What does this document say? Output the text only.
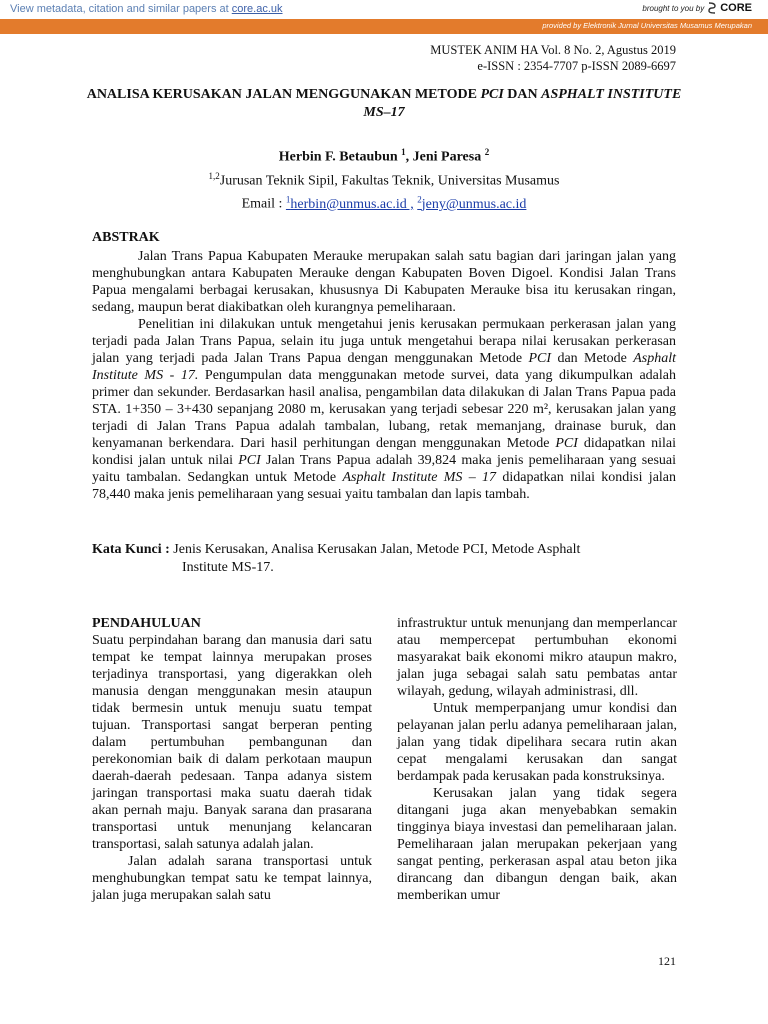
View metadata, citation and similar papers at core.ac.uk	brought to you by CORE
provided by Elektronik Jurnal Universitas Musamus Merupakan
MUSTEK ANIM HA Vol. 8 No. 2, Agustus 2019
e-ISSN : 2354-7707 p-ISSN 2089-6697
ANALISA KERUSAKAN JALAN MENGGUNAKAN METODE PCI DAN ASPHALT INSTITUTE MS–17
Herbin F. Betaubun $^1$, Jeni Paresa $^2$
$^{1,2}$Jurusan Teknik Sipil, Fakultas Teknik, Universitas Musamus
Email : $^1$herbin@unmus.ac.id , $^2$jeny@unmus.ac.id
ABSTRAK

Jalan Trans Papua Kabupaten Merauke merupakan salah satu bagian dari jaringan jalan yang menghubungkan antara Kabupaten Merauke dengan Kabupaten Boven Digoel. Kondisi Jalan Trans Papua mengalami berbagai kerusakan, khususnya Di Kabupaten Merauke bisa itu kerusakan ringan, sedang, maupun berat diakibatkan oleh kurangnya pemeliharaan.

Penelitian ini dilakukan untuk mengetahui jenis kerusakan permukaan perkerasan jalan yang terjadi pada Jalan Trans Papua, selain itu juga untuk mengetahui berapa nilai kerusakan perkerasan jalan yang terjadi pada Jalan Trans Papua dengan menggunakan Metode PCI dan Metode Asphalt Institute MS - 17. Pengumpulan data menggunakan metode survei, data yang dikumpulkan adalah primer dan sekunder. Berdasarkan hasil analisa, pengambilan data dilakukan di Jalan Trans Papua pada STA. 1+350 – 3+430 sepanjang 2080 m, kerusakan yang terjadi sebesar 220 m², kerusakan jalan yang terjadi di Jalan Trans Papua adalah tambalan, lubang, retak memanjang, drainase buruk, dan kenyamanan berkendara. Dari hasil perhitungan dengan menggunakan Metode PCI didapatkan nilai kondisi jalan untuk nilai PCI Jalan Trans Papua adalah 39,824 maka jenis pemeliharaan yang sesuai yaitu tambalan. Sedangkan untuk Metode Asphalt Institute MS – 17 didapatkan nilai kondisi jalan 78,440 maka jenis pemeliharaan yang sesuai yaitu tambalan dan lapis tambah.

Kata Kunci : Jenis Kerusakan, Analisa Kerusakan Jalan, Metode PCI, Metode Asphalt
Institute MS-17.

PENDAHULUAN

Suatu perpindahan barang dan manusia dari satu tempat ke tempat lainnya merupakan proses terjadinya transportasi, yang digerakkan oleh manusia dengan menggunakan mesin ataupun tidak bermesin untuk menuju suatu tempat tujuan. Transportasi sangat berperan penting dalam pertumbuhan pembangunan dan perekonomian baik di dalam perkotaan maupun daerah-daerah pedesaan. Tanpa adanya sistem jaringan transportasi maka suatu daerah tidak akan pernah maju. Banyak sarana dan prasarana transportasi untuk menunjang kelancaran transportasi, salah satunya adalah jalan.

Jalan adalah sarana transportasi untuk menghubungkan tempat satu ke tempat lainnya, jalan juga merupakan salah satu

infrastruktur untuk menunjang dan memperlancar atau mempercepat pertumbuhan ekonomi masyarakat baik ekonomi mikro ataupun makro, jalan juga sebagai salah satu pembatas antar wilayah, gedung, wilayah administrasi, dll.

Untuk memperpanjang umur kondisi dan pelayanan jalan perlu adanya pemeliharaan jalan, jalan yang tidak dipelihara secara rutin akan cepat mengalami kerusakan dan sangat berdampak pada kerusakan pada konstruksinya.

Kerusakan jalan yang tidak segera ditangani juga akan menyebabkan semakin tingginya biaya investasi dan pemeliharaan jalan. Pemeliharaan jalan merupakan pekerjaan yang sangat penting, perkerasan aspal atau beton jika dirancang dan dibangun dengan baik, akan memberikan umur

121
